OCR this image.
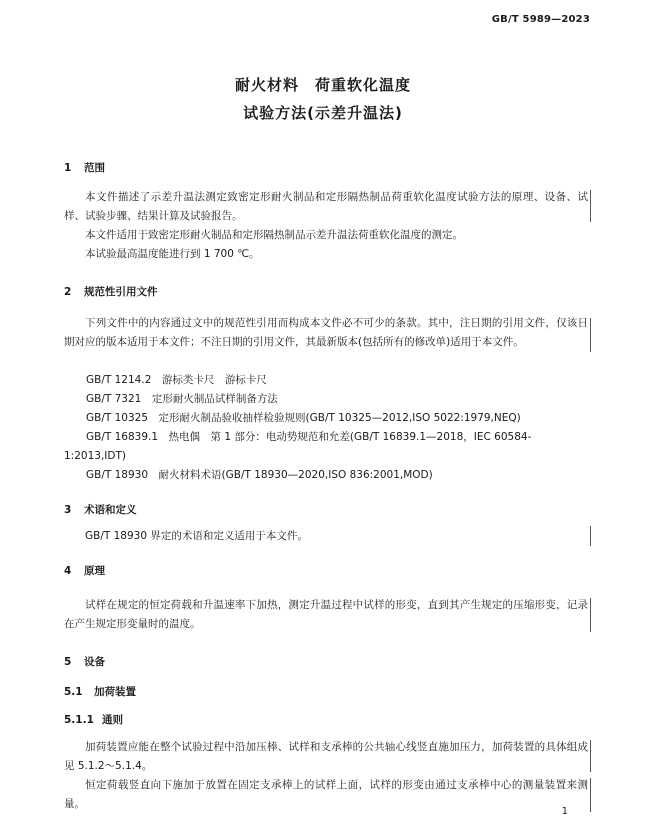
GB/T 5989—2023
耐火材料　荷重软化温度
试验方法(示差升温法)
1 范围
本文件描述了示差升温法测定致密定形耐火制品和定形隔热制品荷重软化温度试验方法的原理、设备、试样、试验步骤、结果计算及试验报告。
本文件适用于致密定形耐火制品和定形隔热制品示差升温法荷重软化温度的测定。
本试验最高温度能进行到 1 700 ℃。
2 规范性引用文件
下列文件中的内容通过文中的规范性引用而构成本文件必不可少的条款。其中，注日期的引用文件，仅该日期对应的版本适用于本文件；不注日期的引用文件，其最新版本(包括所有的修改单)适用于本文件。
GB/T 1214.2　游标类卡尺　游标卡尺
GB/T 7321　定形耐火制品试样制备方法
GB/T 10325　定形耐火制品验收抽样检验规则(GB/T 10325—2012,ISO 5022:1979,NEQ)
GB/T 16839.1　热电偶　第 1 部分：电动势规范和允差(GB/T 16839.1—2018，IEC 60584-1:2013,IDT)
GB/T 18930　耐火材料术语(GB/T 18930—2020,ISO 836:2001,MOD)
3 术语和定义
GB/T 18930 界定的术语和定义适用于本文件。
4 原理
试样在规定的恒定荷载和升温速率下加热，测定升温过程中试样的形变，直到其产生规定的压缩形变，记录在产生规定形变量时的温度。
5 设备
5.1 加荷装置
5.1.1 通则
加荷装置应能在整个试验过程中沿加压棒、试样和支承棒的公共轴心线竖直施加压力，加荷装置的具体组成见 5.1.2～5.1.4。
恒定荷载竖直向下施加于放置在固定支承棒上的试样上面，试样的形变由通过支承棒中心的测量装置来测量。
1
